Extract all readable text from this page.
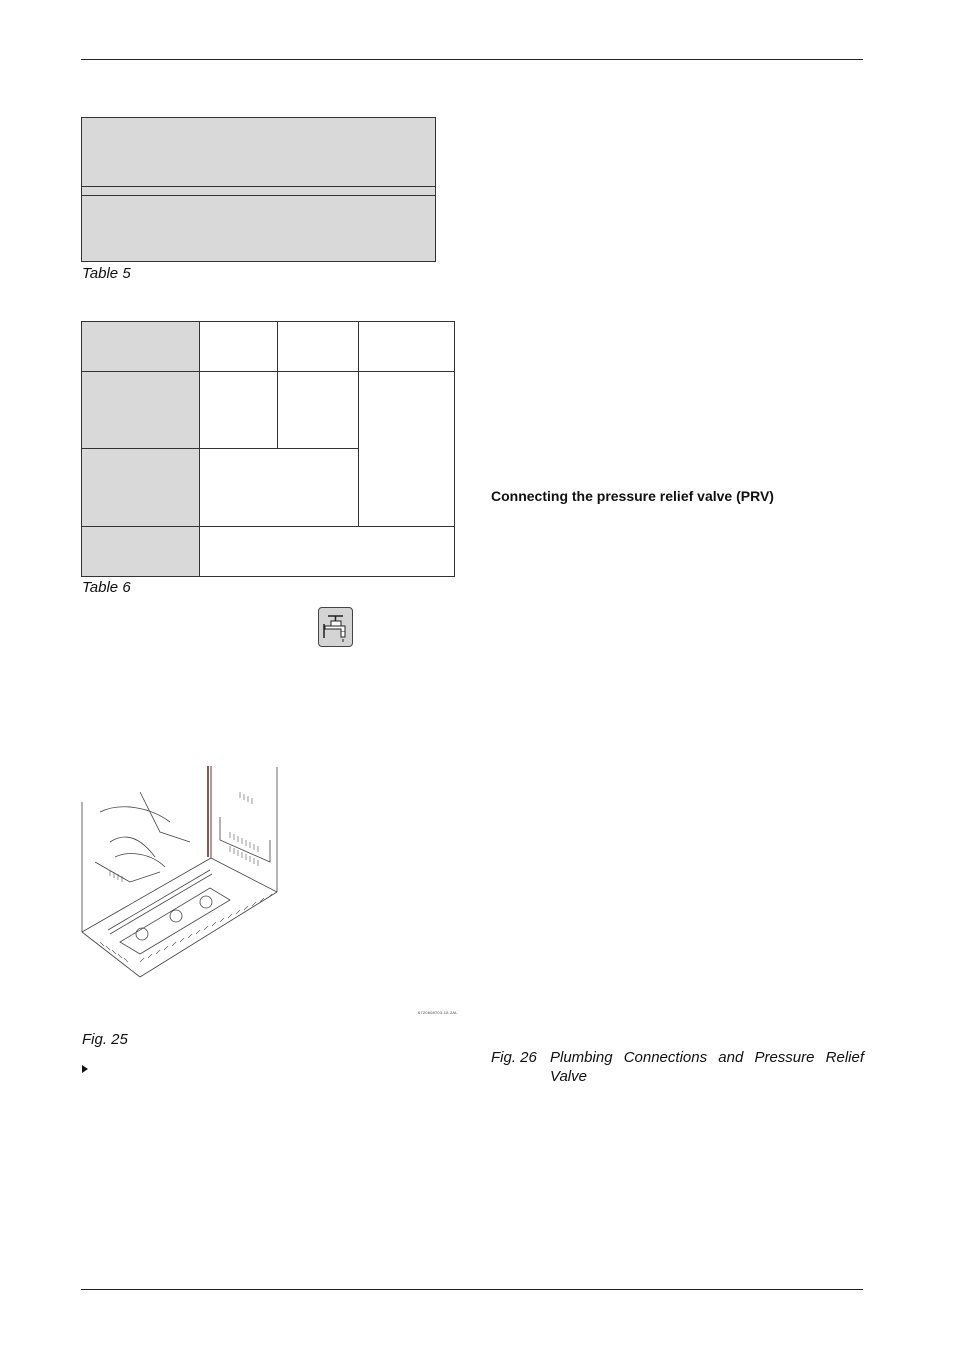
Table 5
Table 6
6720608703-18.2AL
Fig. 25
Connecting the pressure relief valve (PRV)
Fig. 26 Plumbing Connections and Pressure Relief Valve
